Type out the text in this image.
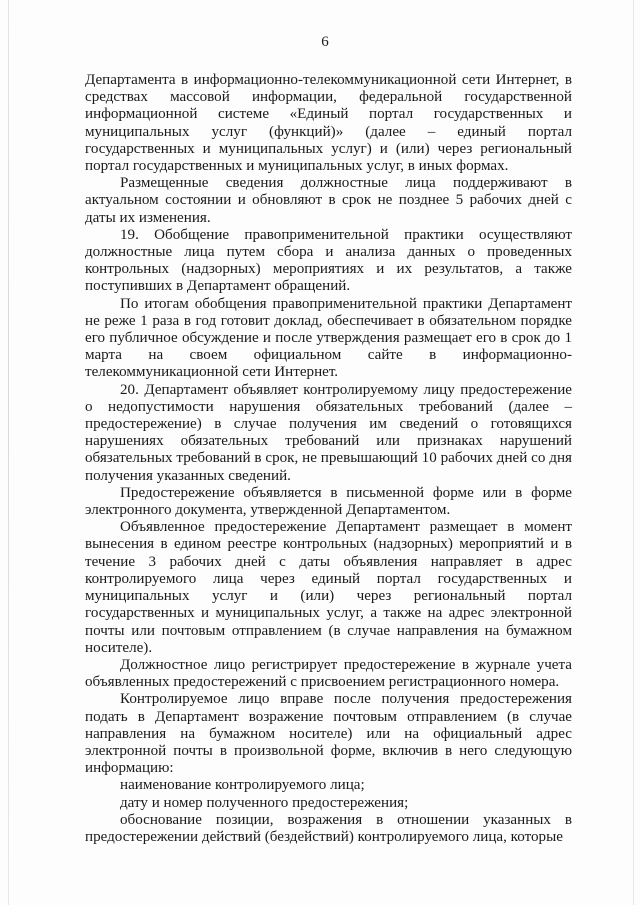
6

Департамента в информационно-телекоммуникационной сети Интернет, в средствах массовой информации, федеральной государственной информационной системе «Единый портал государственных и муниципальных услуг (функций)» (далее – единый портал государственных и муниципальных услуг) и (или) через региональный портал государственных и муниципальных услуг, в иных формах.

Размещенные сведения должностные лица поддерживают в актуальном состоянии и обновляют в срок не позднее 5 рабочих дней с даты их изменения.

19. Обобщение правоприменительной практики осуществляют должностные лица путем сбора и анализа данных о проведенных контрольных (надзорных) мероприятиях и их результатов, а также поступивших в Департамент обращений.

По итогам обобщения правоприменительной практики Департамент не реже 1 раза в год готовит доклад, обеспечивает в обязательном порядке его публичное обсуждение и после утверждения размещает его в срок до 1 марта на своем официальном сайте в информационно-телекоммуникационной сети Интернет.

20. Департамент объявляет контролируемому лицу предостережение о недопустимости нарушения обязательных требований (далее – предостережение) в случае получения им сведений о готовящихся нарушениях обязательных требований или признаках нарушений обязательных требований в срок, не превышающий 10 рабочих дней со дня получения указанных сведений.

Предостережение объявляется в письменной форме или в форме электронного документа, утвержденной Департаментом.

Объявленное предостережение Департамент размещает в момент вынесения в едином реестре контрольных (надзорных) мероприятий и в течение 3 рабочих дней с даты объявления направляет в адрес контролируемого лица через единый портал государственных и муниципальных услуг и (или) через региональный портал государственных и муниципальных услуг, а также на адрес электронной почты или почтовым отправлением (в случае направления на бумажном носителе).

Должностное лицо регистрирует предостережение в журнале учета объявленных предостережений с присвоением регистрационного номера.

Контролируемое лицо вправе после получения предостережения подать в Департамент возражение почтовым отправлением (в случае направления на бумажном носителе) или на официальный адрес электронной почты в произвольной форме, включив в него следующую информацию:

наименование контролируемого лица;

дату и номер полученного предостережения;

обоснование позиции, возражения в отношении указанных в предостережении действий (бездействий) контролируемого лица, которые
